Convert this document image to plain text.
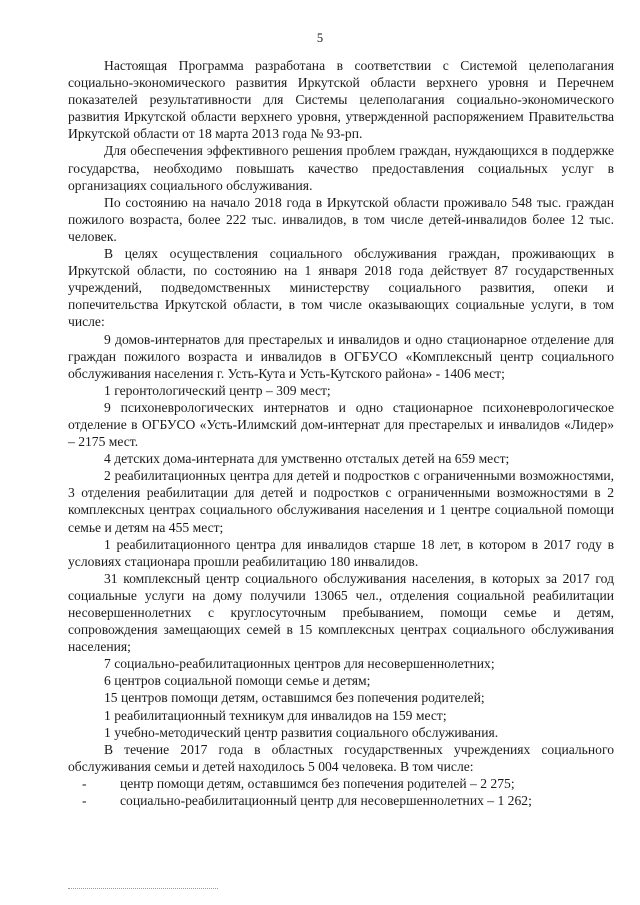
5

Настоящая Программа разработана в соответствии с Системой целеполагания социально-экономического развития Иркутской области верхнего уровня и Перечнем показателей результативности для Системы целеполагания социально-экономического развития Иркутской области верхнего уровня, утвержденной распоряжением Правительства Иркутской области от 18 марта 2013 года № 93-рп.

Для обеспечения эффективного решения проблем граждан, нуждающихся в поддержке государства, необходимо повышать качество предоставления социальных услуг в организациях социального обслуживания.

По состоянию на начало 2018 года в Иркутской области проживало 548 тыс. граждан пожилого возраста, более 222 тыс. инвалидов, в том числе детей-инвалидов более 12 тыс. человек.

В целях осуществления социального обслуживания граждан, проживающих в Иркутской области, по состоянию на 1 января 2018 года действует 87 государственных учреждений, подведомственных министерству социального развития, опеки и попечительства Иркутской области, в том числе оказывающих социальные услуги, в том числе:

9 домов-интернатов для престарелых и инвалидов и одно стационарное отделение для граждан пожилого возраста и инвалидов в ОГБУСО «Комплексный центр социального обслуживания населения г. Усть-Кута и Усть-Кутского района» - 1406 мест;

1 геронтологический центр – 309 мест;

9 психоневрологических интернатов и одно стационарное психоневрологическое отделение в ОГБУСО «Усть-Илимский дом-интернат для престарелых и инвалидов «Лидер» – 2175 мест.

4 детских дома-интерната для умственно отсталых детей на 659 мест;

2 реабилитационных центра для детей и подростков с ограниченными возможностями, 3 отделения реабилитации для детей и подростков с ограниченными возможностями в 2 комплексных центрах социального обслуживания населения и 1 центре социальной помощи семье и детям на 455 мест;

1 реабилитационного центра для инвалидов старше 18 лет, в котором в 2017 году в условиях стационара прошли реабилитацию 180 инвалидов.

31 комплексный центр социального обслуживания населения, в которых за 2017 год социальные услуги на дому получили 13065 чел., отделения социальной реабилитации несовершеннолетних с круглосуточным пребыванием, помощи семье и детям, сопровождения замещающих семей в 15 комплексных центрах социального обслуживания населения;

7 социально-реабилитационных центров для несовершеннолетних;

6 центров социальной помощи семье и детям;

15 центров помощи детям, оставшимся без попечения родителей;

1 реабилитационный техникум для инвалидов на 159 мест;

1 учебно-методический центр развития социального обслуживания.

В течение 2017 года в областных государственных учреждениях социального обслуживания семьи и детей находилось 5 004 человека. В том числе:

- центр помощи детям, оставшимся без попечения родителей – 2 275;
- социально-реабилитационный центр для несовершеннолетних – 1 262;
